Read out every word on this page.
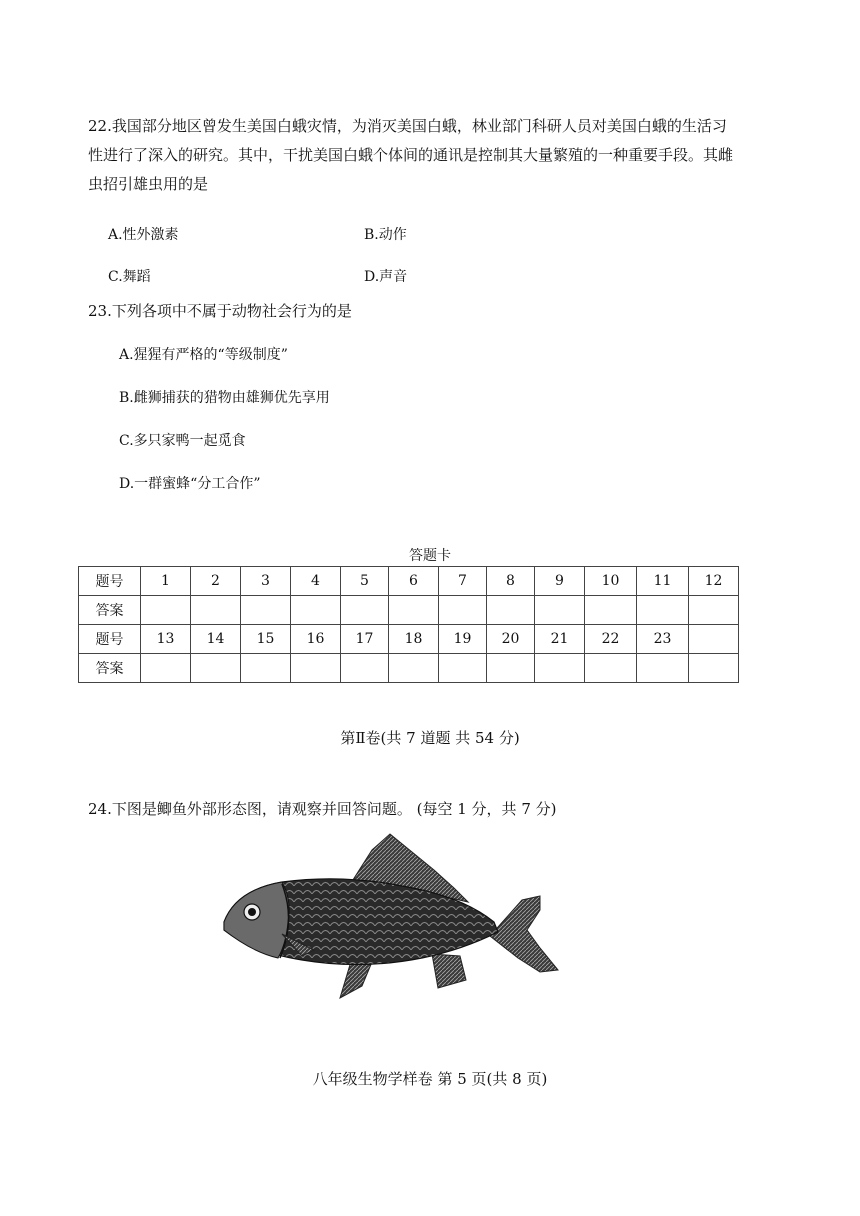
22.我国部分地区曾发生美国白蛾灾情，为消灭美国白蛾，林业部门科研人员对美国白蛾的生活习
性进行了深入的研究。其中，干扰美国白蛾个体间的通讯是控制其大量繁殖的一种重要手段。其雌
虫招引雄虫用的是
A.性外激素	B.动作
C.舞蹈	D.声音
23.下列各项中不属于动物社会行为的是
A.猩猩有严格的“等级制度”
B.雌狮捕获的猎物由雄狮优先享用
C.多只家鸭一起觅食
D.一群蜜蜂“分工合作”
答题卡
题号	1	2	3	4	5	6	7	8	9	10	11	12
答案												
题号	13	14	15	16	17	18	19	20	21	22	23	
答案												
第Ⅱ卷(共 7 道题 共 54 分)
24.下图是鲫鱼外部形态图，请观察并回答问题。 (每空 1 分，共 7 分)
八年级生物学样卷 第 5 页(共 8 页)
